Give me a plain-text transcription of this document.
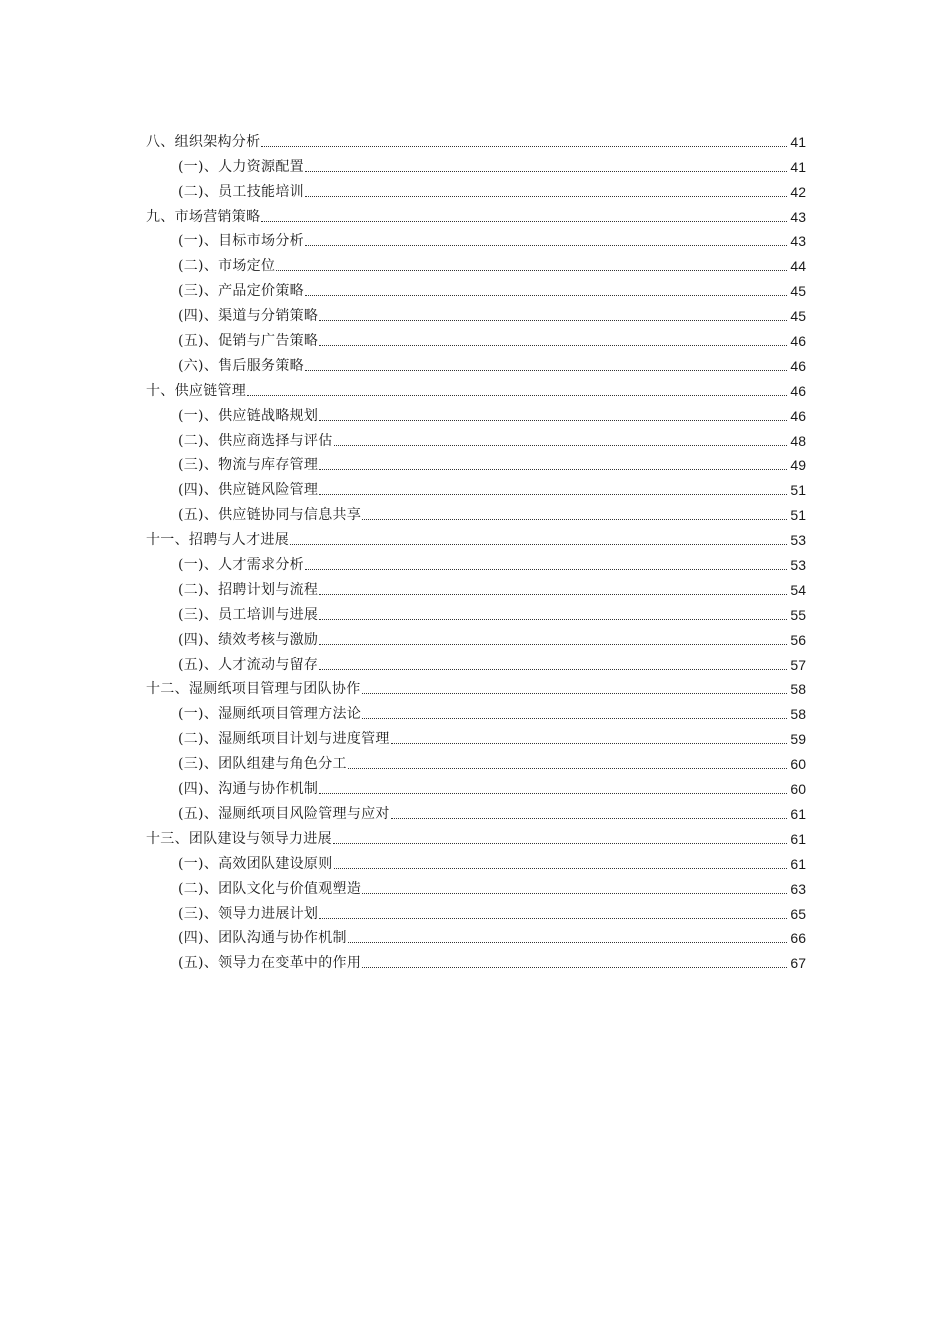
八、组织架构分析	41
(一)、人力资源配置	41
(二)、员工技能培训	42
九、市场营销策略	43
(一)、目标市场分析	43
(二)、市场定位	44
(三)、产品定价策略	45
(四)、渠道与分销策略	45
(五)、促销与广告策略	46
(六)、售后服务策略	46
十、供应链管理	46
(一)、供应链战略规划	46
(二)、供应商选择与评估	48
(三)、物流与库存管理	49
(四)、供应链风险管理	51
(五)、供应链协同与信息共享	51
十一、招聘与人才进展	53
(一)、人才需求分析	53
(二)、招聘计划与流程	54
(三)、员工培训与进展	55
(四)、绩效考核与激励	56
(五)、人才流动与留存	57
十二、湿厕纸项目管理与团队协作	58
(一)、湿厕纸项目管理方法论	58
(二)、湿厕纸项目计划与进度管理	59
(三)、团队组建与角色分工	60
(四)、沟通与协作机制	60
(五)、湿厕纸项目风险管理与应对	61
十三、团队建设与领导力进展	61
(一)、高效团队建设原则	61
(二)、团队文化与价值观塑造	63
(三)、领导力进展计划	65
(四)、团队沟通与协作机制	66
(五)、领导力在变革中的作用	67
